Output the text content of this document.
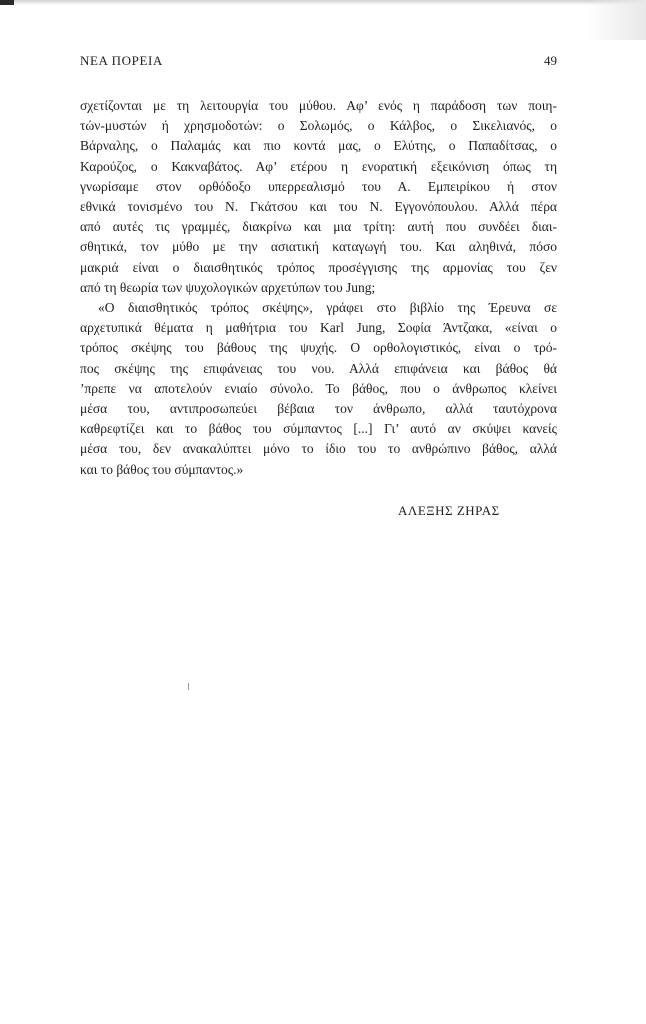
ΝΕΑ ΠΟΡΕΙΑ	49
σχετίζονται με τη λειτουργία του μύθου. Αφ’ ενός η παράδοση των ποιη-
τών-μυστών ή χρησμοδοτών: ο Σολωμός, ο Κάλβος, ο Σικελιανός, ο
Βάρναλης, ο Παλαμάς και πιο κοντά μας, ο Ελύτης, ο Παπαδίτσας, ο
Καρούζος, ο Κακναβάτος. Αφ’ ετέρου η ενορατική εξεικόνιση όπως τη
γνωρίσαμε στον ορθόδοξο υπερρεαλισμό του Α. Εμπειρίκου ή στον
εθνικά τονισμένο του Ν. Γκάτσου και του Ν. Εγγονόπουλου. Αλλά πέρα
από αυτές τις γραμμές, διακρίνω και μια τρίτη: αυτή που συνδέει διαι-
σθητικά, τον μύθο με την ασιατική καταγωγή του. Και αληθινά, πόσο
μακριά είναι ο διαισθητικός τρόπος προσέγγισης της αρμονίας του ζεν
από τη θεωρία των ψυχολογικών αρχετύπων του Jung;
«Ο διαισθητικός τρόπος σκέψης», γράφει στο βιβλίο της Έρευνα σε
αρχετυπικά θέματα η μαθήτρια του Karl Jung, Σοφία Άντζακα, «είναι ο
τρόπος σκέψης του βάθους της ψυχής. Ο ορθολογιστικός, είναι ο τρό-
πος σκέψης της επιφάνειας του νου. Αλλά επιφάνεια και βάθος θά
’πρεπε να αποτελούν ενιαίο σύνολο. Το βάθος, που ο άνθρωπος κλείνει
μέσα του, αντιπροσωπεύει βέβαια τον άνθρωπο, αλλά ταυτόχρονα
καθρεφτίζει και το βάθος του σύμπαντος [...] Γι’ αυτό αν σκύψει κανείς
μέσα του, δεν ανακαλύπτει μόνο το ίδιο του το ανθρώπινο βάθος, αλλά
και το βάθος του σύμπαντος.»
ΑΛΕΞΗΣ ΖΗΡΑΣ
